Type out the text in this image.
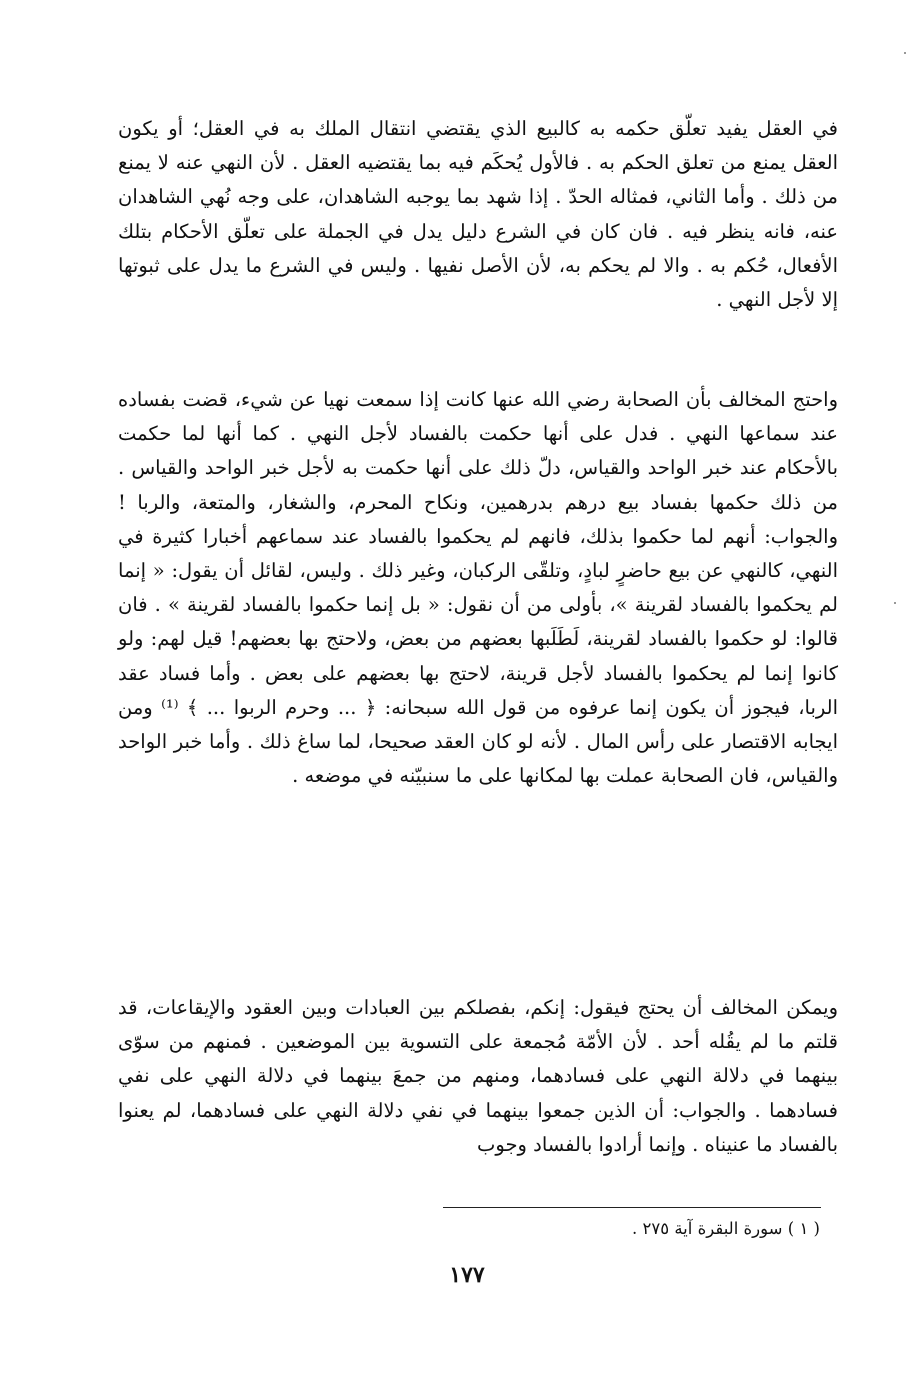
في العقل يفيد تعلّق حكمه به كالبيع الذي يقتضي انتقال الملك به في العقل؛ أو يكون العقل يمنع من تعلق الحكم به . فالأول يُحكَم فيه بما يقتضيه العقل . لأن النهي عنه لا يمنع من ذلك . وأما الثاني، فمثاله الحدّ . إذا شهد بما يوجبه الشاهدان، على وجه نُهي الشاهدان عنه، فانه ينظر فيه . فان كان في الشرع دليل يدل في الجملة على تعلّق الأحكام بتلك الأفعال، حُكم به . والا لم يحكم به، لأن الأصل نفيها . وليس في الشرع ما يدل على ثبوتها إلا لأجل النهي .

واحتج المخالف بأن الصحابة رضي الله عنها كانت إذا سمعت نهيا عن شيء، قضت بفساده عند سماعها النهي . فدل على أنها حكمت بالفساد لأجل النهي . كما أنها لما حكمت بالأحكام عند خبر الواحد والقياس، دلّ ذلك على أنها حكمت به لأجل خبر الواحد والقياس . من ذلك حكمها بفساد بيع درهم بدرهمين، ونكاح المحرم، والشغار، والمتعة، والربا ! والجواب: أنهم لما حكموا بذلك، فانهم لم يحكموا بالفساد عند سماعهم أخبارا كثيرة في النهي، كالنهي عن بيع حاضرٍ لبادٍ، وتلقّى الركبان، وغير ذلك . وليس، لقائل أن يقول: « إنما لم يحكموا بالفساد لقرينة »، بأولى من أن نقول: « بل إنما حكموا بالفساد لقرينة » . فان قالوا: لو حكموا بالفساد لقرينة، لَطَلَبها بعضهم من بعض، ولاحتج بها بعضهم! قيل لهم: ولو كانوا إنما لم يحكموا بالفساد لأجل قرينة، لاحتج بها بعضهم على بعض . وأما فساد عقد الربا، فيجوز أن يكون إنما عرفوه من قول الله سبحانه: ﴿ ... وحرم الربوا ... ﴾ ⁽¹⁾ ومن ايجابه الاقتصار على رأس المال . لأنه لو كان العقد صحيحا، لما ساغ ذلك . وأما خبر الواحد والقياس، فان الصحابة عملت بها لمكانها على ما سنبيّنه في موضعه .

ويمكن المخالف أن يحتج فيقول: إنكم، بفصلكم بين العبادات وبين العقود والإيقاعات، قد قلتم ما لم يقُله أحد . لأن الأمّة مُجمعة على التسوية بين الموضعين . فمنهم من سوّى بينهما في دلالة النهي على فسادهما، ومنهم من جمعَ بينهما في دلالة النهي على نفي فسادهما . والجواب: أن الذين جمعوا بينهما في نفي دلالة النهي على فسادهما، لم يعنوا بالفساد ما عنيناه . وإنما أرادوا بالفساد وجوب

( ١ ) سورة البقرة آية ٢٧٥ .
١٧٧
